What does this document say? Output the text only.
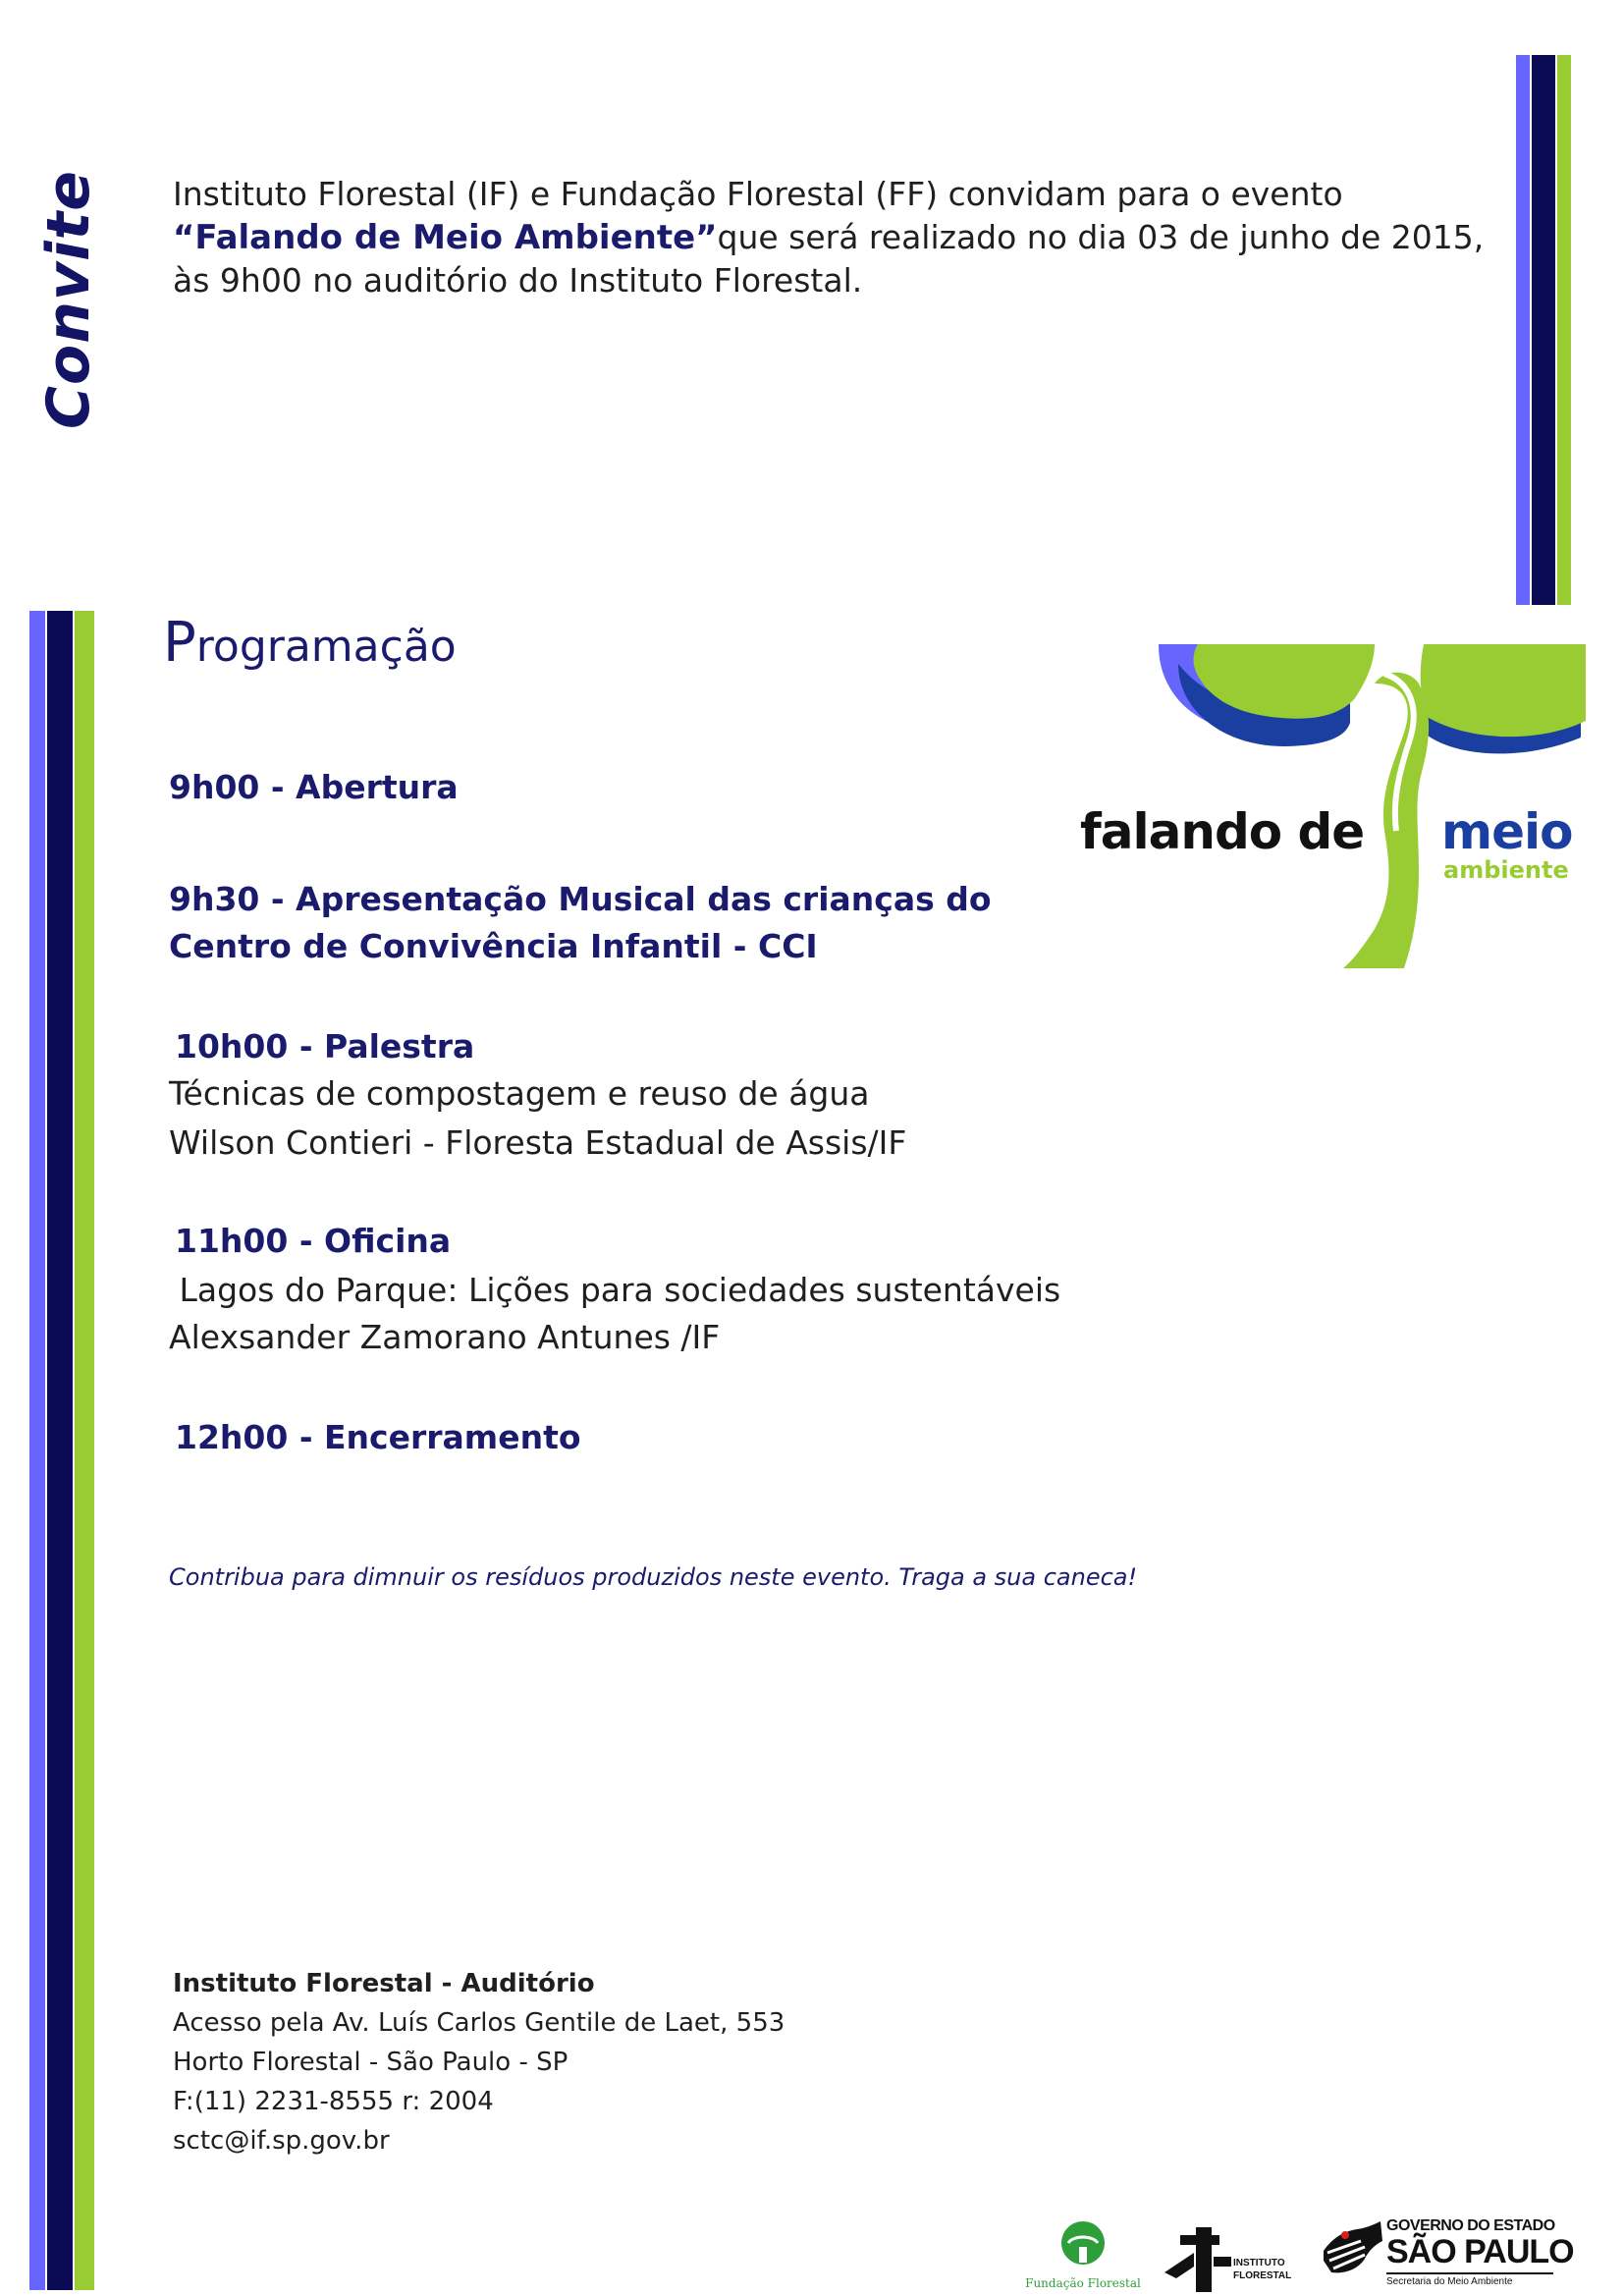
Convite Instituto Florestal (IF) e Fundação Florestal (FF) convidam para o evento
“Falando de Meio Ambiente”que será realizado no dia 03 de junho de 2015,
às 9h00 no auditório do Instituto Florestal.
Programação
9h00 - Abertura
9h30 - Apresentação Musical das crianças do
Centro de Convivência Infantil - CCI
10h00 - Palestra
Técnicas de compostagem e reuso de água
Wilson Contieri - Floresta Estadual de Assis/IF
11h00 - Oficina
Lagos do Parque: Lições para sociedades sustentáveis
Alexsander Zamorano Antunes /IF
12h00 - Encerramento
Contribua para dimnuir os resíduos produzidos neste evento. Traga a sua caneca!
falando de meio
ambiente
Instituto Florestal - Auditório
Acesso pela Av. Luís Carlos Gentile de Laet, 553
Horto Florestal - São Paulo - SP
F:(11) 2231-8555 r: 2004
sctc@if.sp.gov.br
Fundação Florestal
INSTITUTO
FLORESTAL
GOVERNO DO ESTADO
SÃO PAULO
Secretaria do Meio Ambiente
